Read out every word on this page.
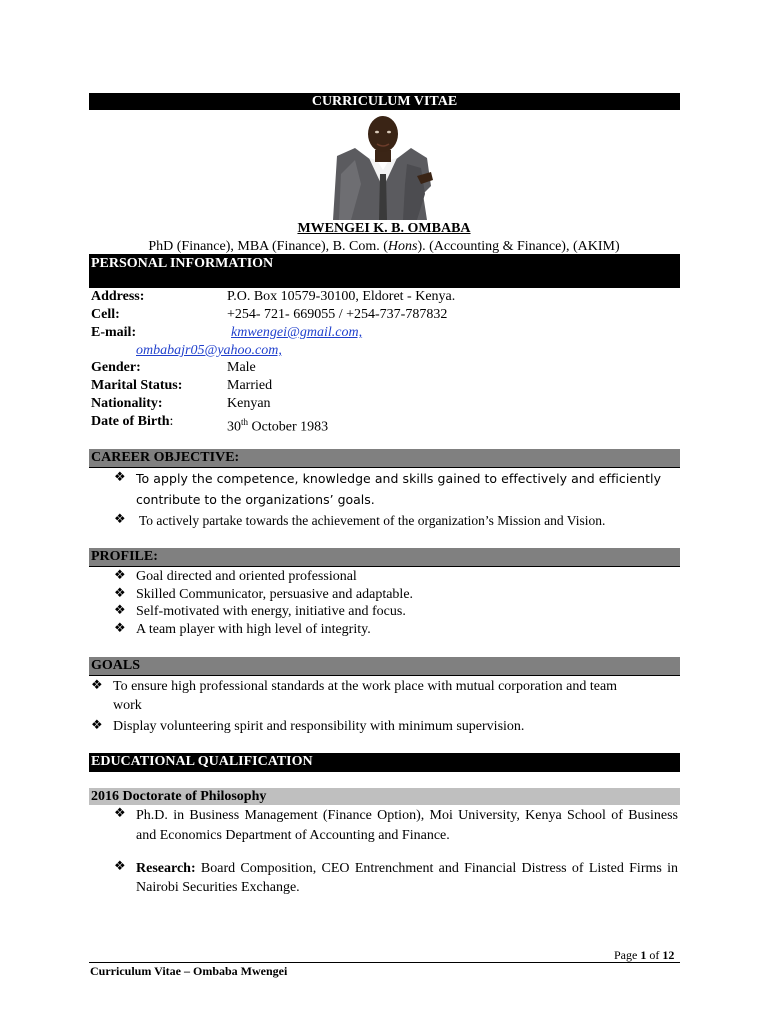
CURRICULUM VITAE
MWENGEI K. B. OMBABA
PhD (Finance), MBA (Finance), B. Com. (Hons). (Accounting & Finance), (AKIM)
PERSONAL INFORMATION
Address:	P.O. Box 10579-30100, Eldoret - Kenya.
Cell:	+254- 721- 669055 / +254-737-787832
E-mail:	kmwengei@gmail.com,
ombabajr05@yahoo.com,
Gender:	Male
Marital Status:	Married
Nationality:	Kenyan
Date of Birth:	30th October 1983
CAREER OBJECTIVE:
❖ To apply the competence, knowledge and skills gained to effectively and efficiently
contribute to the organizations’ goals.
❖ To actively partake towards the achievement of the organization’s Mission and Vision.
PROFILE:
❖ Goal directed and oriented professional
❖ Skilled Communicator, persuasive and adaptable.
❖ Self-motivated with energy, initiative and focus.
❖ A team player with high level of integrity.
GOALS
❖ To ensure high professional standards at the work place with mutual corporation and team
work
❖ Display volunteering spirit and responsibility with minimum supervision.
EDUCATIONAL QUALIFICATION
2016 Doctorate of Philosophy
❖ Ph.D. in Business Management (Finance Option), Moi University, Kenya School of Business and Economics Department of Accounting and Finance.
❖ Research: Board Composition, CEO Entrenchment and Financial Distress of Listed Firms in Nairobi Securities Exchange.
Page 1 of 12
Curriculum Vitae – Ombaba Mwengei
